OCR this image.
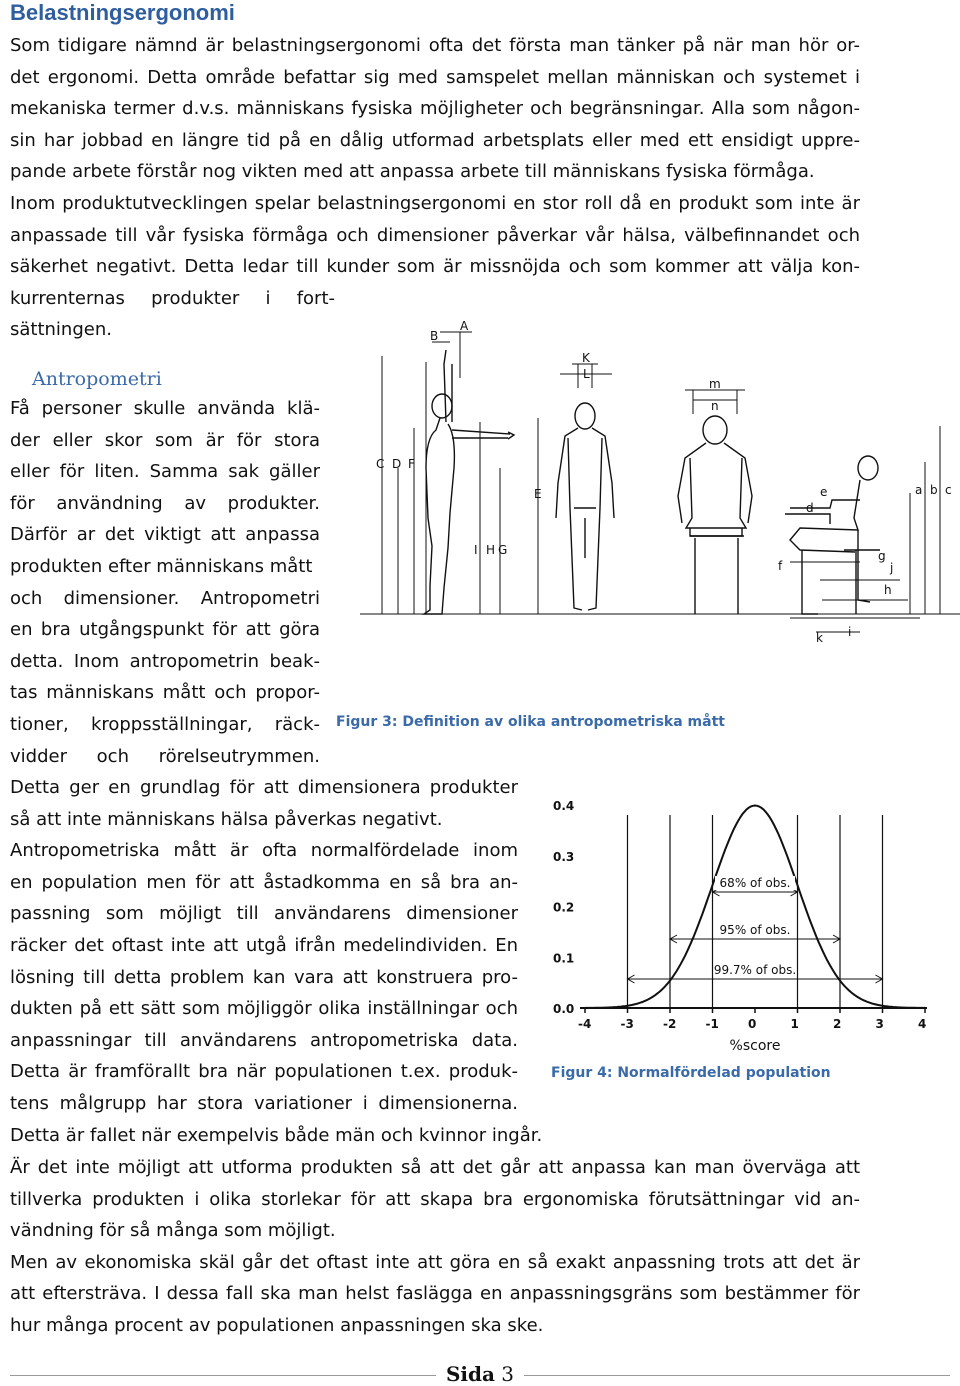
Belastningsergonomi
Som tidigare nämnd är belastningsergonomi ofta det första man tänker på när man hör or-
det ergonomi. Detta område befattar sig med samspelet mellan människan och systemet i
mekaniska termer d.v.s. människans fysiska möjligheter och begränsningar. Alla som någon-
sin har jobbad en längre tid på en dålig utformad arbetsplats eller med ett ensidigt uppre-
pande arbete förstår nog vikten med att anpassa arbete till människans fysiska förmåga.
Inom produktutvecklingen spelar belastningsergonomi en stor roll då en produkt som inte är
anpassade till vår fysiska förmåga och dimensioner påverkar vår hälsa, välbefinnandet och
säkerhet negativt. Detta ledar till kunder som är missnöjda och som kommer att välja kon-
kurrenternas produkter i fort-
sättningen.
Antropometri
Få personer skulle använda klä-
der eller skor som är för stora
eller för liten. Samma sak gäller
för användning av produkter.
Därför ar det viktigt att anpassa
produkten efter människans mått
och dimensioner. Antropometri
en bra utgångspunkt för att göra
detta. Inom antropometrin beak-
tas människans mått och propor-
tioner, kroppsställningar, räck-
vidder och rörelseutrymmen.
Detta ger en grundlag för att dimensionera produkter
så att inte människans hälsa påverkas negativt.
Antropometriska mått är ofta normalfördelade inom
en population men för att åstadkomma en så bra an-
passning som möjligt till användarens dimensioner
räcker det oftast inte att utgå ifrån medelindividen. En
lösning till detta problem kan vara att konstruera pro-
dukten på ett sätt som möjliggör olika inställningar och
anpassningar till användarens antropometriska data.
Detta är framförallt bra när populationen t.ex. produk-
tens målgrupp har stora variationer i dimensionerna.
Detta är fallet när exempelvis både män och kvinnor ingår.
Är det inte möjligt att utforma produkten så att det går att anpassa kan man överväga att
tillverka produkten i olika storlekar för att skapa bra ergonomiska förutsättningar vid an-
vändning för så många som möjligt.
Men av ekonomiska skäl går det oftast inte att göra en så exakt anpassning trots att det är
att eftersträva. I dessa fall ska man helst faslägga en anpassningsgräns som bestämmer för
hur många procent av populationen anpassningen ska ske.
B
A
K
L
m
n
C D F
E
I H G
c
b
a
d
f
e
g
j
h
k i
Figur 3: Definition av olika antropometriska mått
0.4
0.3
0.2
0.1
0.0
-4 -3 -2 -1 0	1	2	3	4
68% of obs.
95% of obs.
99.7% of obs.
%score
Figur 4: Normalfördelad population
Sida 3
